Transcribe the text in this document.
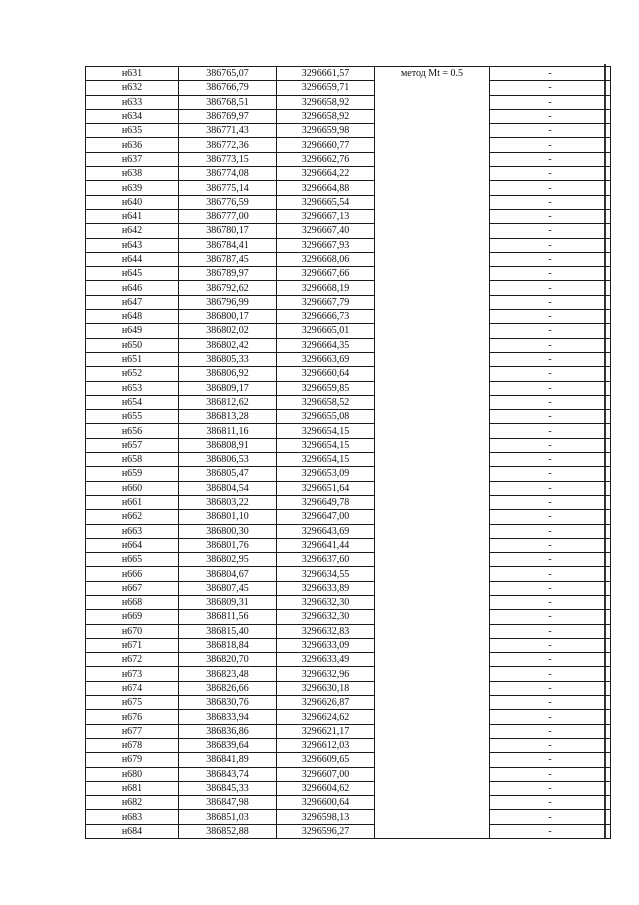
н631	386765,07	3296661,57	метод Mt = 0.5	-
н632	386766,79	3296659,71		-
н633	386768,51	3296658,92		-
н634	386769,97	3296658,92		-
н635	386771,43	3296659,98		-
н636	386772,36	3296660,77		-
н637	386773,15	3296662,76		-
н638	386774,08	3296664,22		-
н639	386775,14	3296664,88		-
н640	386776,59	3296665,54		-
н641	386777,00	3296667,13		-
н642	386780,17	3296667,40		-
н643	386784,41	3296667,93		-
н644	386787,45	3296668,06		-
н645	386789,97	3296667,66		-
н646	386792,62	3296668,19		-
н647	386796,99	3296667,79		-
н648	386800,17	3296666,73		-
н649	386802,02	3296665,01		-
н650	386802,42	3296664,35		-
н651	386805,33	3296663,69		-
н652	386806,92	3296660,64		-
н653	386809,17	3296659,85		-
н654	386812,62	3296658,52		-
н655	386813,28	3296655,08		-
н656	386811,16	3296654,15		-
н657	386808,91	3296654,15		-
н658	386806,53	3296654,15		-
н659	386805,47	3296653,09		-
н660	386804,54	3296651,64		-
н661	386803,22	3296649,78		-
н662	386801,10	3296647,00		-
н663	386800,30	3296643,69		-
н664	386801,76	3296641,44		-
н665	386802,95	3296637,60		-
н666	386804,67	3296634,55		-
н667	386807,45	3296633,89		-
н668	386809,31	3296632,30		-
н669	386811,56	3296632,30		-
н670	386815,40	3296632,83		-
н671	386818,84	3296633,09		-
н672	386820,70	3296633,49		-
н673	386823,48	3296632,96		-
н674	386826,66	3296630,18		-
н675	386830,76	3296626,87		-
н676	386833,94	3296624,62		-
н677	386836,86	3296621,17		-
н678	386839,64	3296612,03		-
н679	386841,89	3296609,65		-
н680	386843,74	3296607,00		-
н681	386845,33	3296604,62		-
н682	386847,98	3296600,64		-
н683	386851,03	3296598,13		-
н684	386852,88	3296596,27		-
